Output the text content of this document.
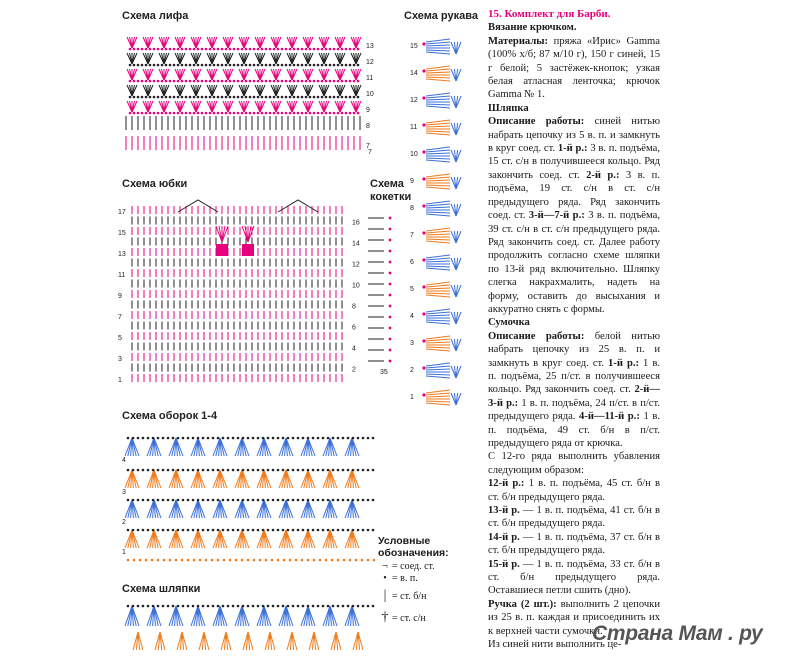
Схема лифа	Схема рукава
Схема юбки	Схема
кокетки
Схема оборок 1-4
Схема шляпки
13
12
11
10
9
8
7
7
15
14
12
11
10
9
8
7
6
5
4
3
2
1
17
16
15
14
13
12
11
10
9
8
7
6
5
4
3
2
1
35
4
3
2
1
Условные
обозначения:
¬ = соед. ст.
• = в. п.
| = ст. б/н
† = ст. с/н

15. Комплект для Барби.

Вязание крючком.

Материалы: пряжа «Ирис» Gamma (100% х/б; 87 м/10 г), 150 г синей, 15 г белой; 5 застёжек-кнопок; узкая белая атласная ленточка; крючок Gamma № 1.

Шляпка

Описание работы: синей нитью набрать цепочку из 5 в. п. и замкнуть в круг соед. ст. 1-й р.: 3 в. п. подъёма, 15 ст. с/н в получившееся кольцо. Ряд закончить соед. ст. 2-й р.: 3 в. п. подъёма, 19 ст. с/н в ст. с/н предыдущего ряда. Ряд закончить соед. ст. 3-й—7-й р.: 3 в. п. подъёма, 39 ст. с/н в ст. с/н предыдущего ряда. Ряд закончить соед. ст. Далее работу продолжить согласно схеме шляпки по 13-й ряд включительно. Шляпку слегка накрахмалить, надеть на форму, оставить до высыхания и аккуратно снять с формы.

Сумочка

Описание работы: белой нитью набрать цепочку из 25 в. п. и замкнуть в круг соед. ст. 1-й р.: 1 в. п. подъёма, 25 п/ст. в получившееся кольцо. Ряд закончить соед. ст. 2-й—3-й р.: 1 в. п. подъёма, 24 п/ст. в п/ст. предыдущего ряда. 4-й—11-й р.: 1 в. п. подъёма, 49 ст. б/н в п/ст. предыдущего ряда от крючка.

С 12-го ряда выполнить убавления следующим образом:

12-й р.: 1 в. п. подъёма, 45 ст. б/н в ст. б/н предыдущего ряда.

13-й р. — 1 в. п. подъёма, 41 ст. б/н в ст. б/н предыдущего ряда.

14-й р. — 1 в. п. подъёма, 37 ст. б/н в ст. б/н предыдущего ряда.

15-й р. — 1 в. п. подъёма, 33 ст. б/н в ст. б/н предыдущего ряда. Оставшиеся петли сшить (дно).

Ручка (2 шт.): выполнить 2 цепочки из 25 в. п. каждая и присоединить их к верхней части сумочки.

Из синей нити выполнить це-

Страна Мам . ру
